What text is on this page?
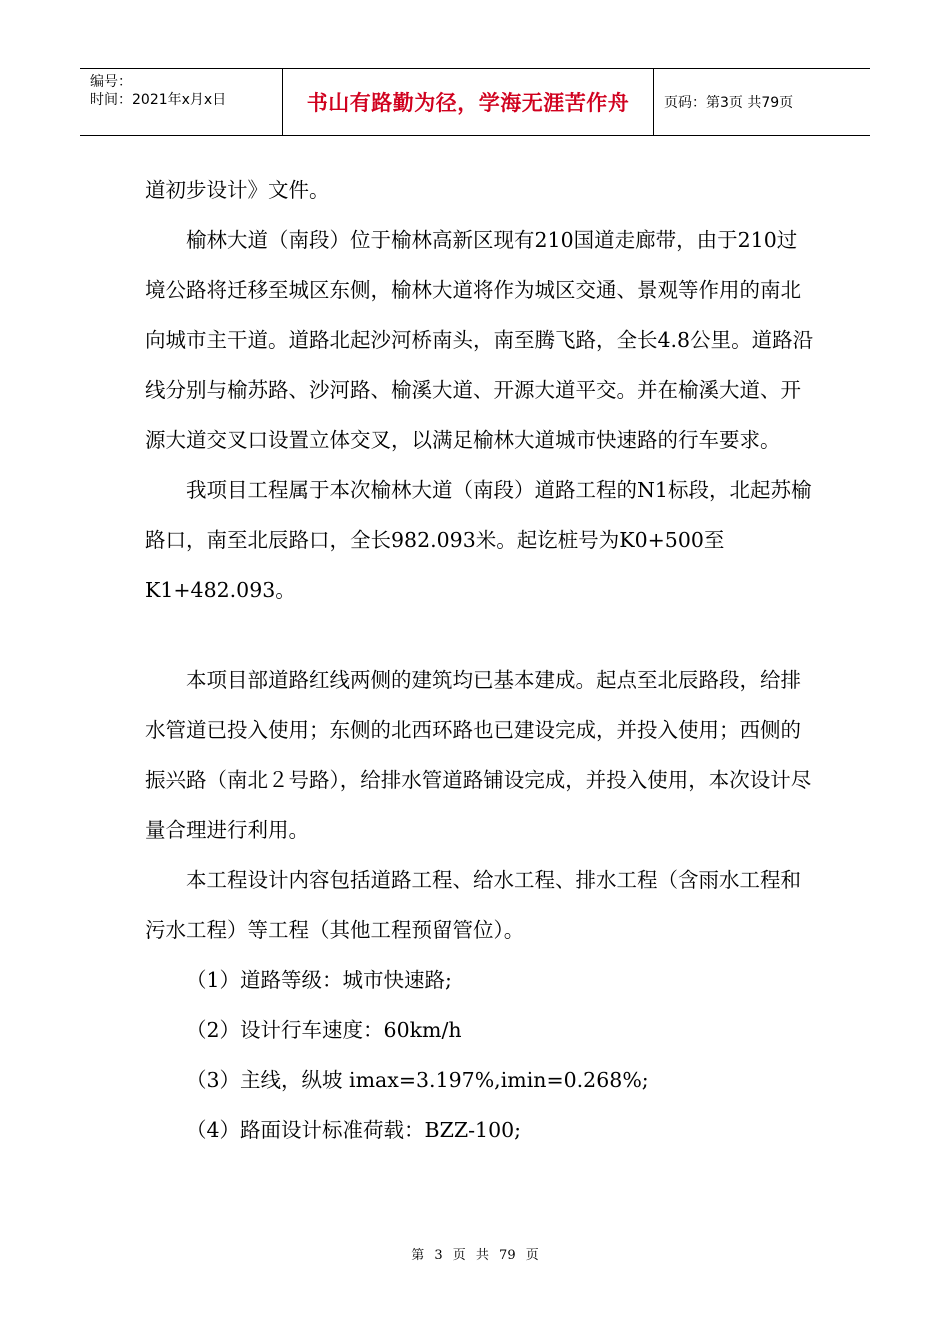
编号：
时间：2021年x月x日	书山有路勤为径，学海无涯苦作舟	页码：第3页 共79页

道初步设计》文件。

榆林大道（南段）位于榆林高新区现有210国道走廊带，由于210过境公路将迁移至城区东侧，榆林大道将作为城区交通、景观等作用的南北向城市主干道。道路北起沙河桥南头，南至腾飞路，全长4.8公里。道路沿线分别与榆苏路、沙河路、榆溪大道、开源大道平交。并在榆溪大道、开源大道交叉口设置立体交叉，以满足榆林大道城市快速路的行车要求。

我项目工程属于本次榆林大道（南段）道路工程的N1标段，北起苏榆路口，南至北辰路口，全长982.093米。起讫桩号为K0+500至K1+482.093。

本项目部道路红线两侧的建筑均已基本建成。起点至北辰路段，给排水管道已投入使用；东侧的北西环路也已建设完成，并投入使用；西侧的振兴路（南北２号路），给排水管道路铺设完成，并投入使用，本次设计尽量合理进行利用。

本工程设计内容包括道路工程、给水工程、排水工程（含雨水工程和污水工程）等工程（其他工程预留管位）。

（1）道路等级：城市快速路;

（2）设计行车速度：60km/h

（3）主线，纵坡 imax=3.197%,imin=0.268%;

（4）路面设计标准荷载：BZZ-100;

第 3 页 共 79 页
